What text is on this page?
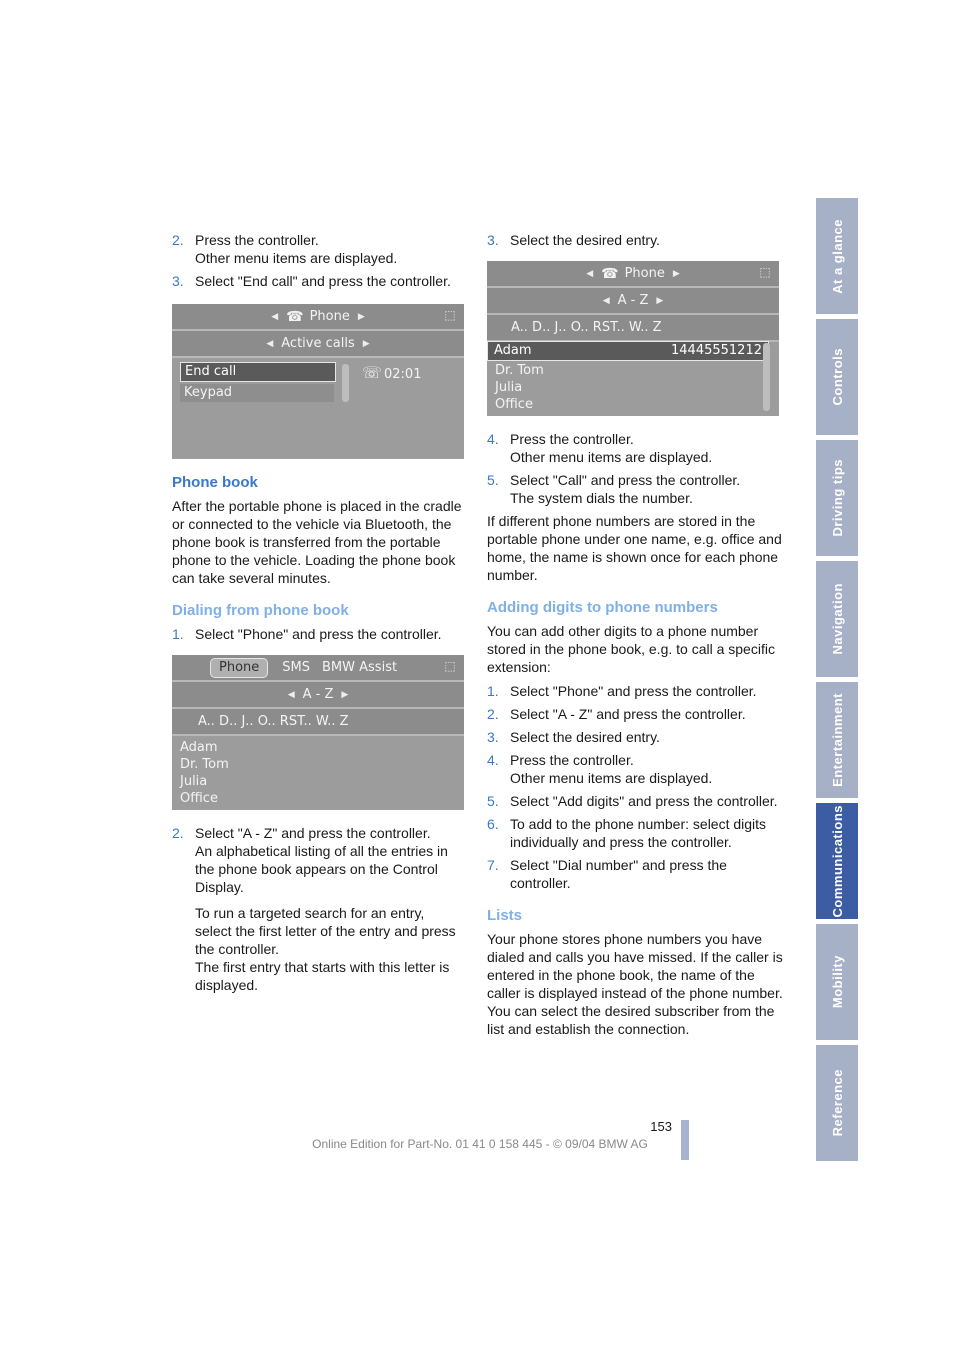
2. Press the controller.
Other menu items are displayed.
3. Select "End call" and press the controller.
◀ ☎ Phone ▶	⬚
◀ Active calls ▶
End call
Keypad
☏ 02:01
Phone book

After the portable phone is placed in the cradle or connected to the vehicle via Bluetooth, the phone book is transferred from the portable phone to the vehicle. Loading the phone book can take several minutes.

Dialing from phone book
1. Select "Phone" and press the controller.
Phone	SMS BMW Assist	⬚
◀ A - Z ▶
A.. D.. J.. O.. RST.. W.. Z
Adam
Dr. Tom
Julia
Office
2. Select "A - Z" and press the controller.
An alphabetical listing of all the entries in the phone book appears on the Control Display.
To run a targeted search for an entry, select the first letter of the entry and press the controller.
The first entry that starts with this letter is displayed.
3. Select the desired entry.
◀ ☎ Phone ▶	⬚
◀ A - Z ▶
A.. D.. J.. O.. RST.. W.. Z
Adam	14445551212
Dr. Tom
Julia
Office
4. Press the controller.
Other menu items are displayed.
5. Select "Call" and press the controller.
The system dials the number.

If different phone numbers are stored in the portable phone under one name, e.g. office and home, the name is shown once for each phone number.

Adding digits to phone numbers

You can add other digits to a phone number stored in the phone book, e.g. to call a specific extension:

1. Select "Phone" and press the controller.
2. Select "A - Z" and press the controller.
3. Select the desired entry.
4. Press the controller.
Other menu items are displayed.
5. Select "Add digits" and press the controller.
6. To add to the phone number: select digits individually and press the controller.
7. Select "Dial number" and press the controller.
Lists

Your phone stores phone numbers you have dialed and calls you have missed. If the caller is entered in the phone book, the name of the caller is displayed instead of the phone number. You can select the desired subscriber from the list and establish the connection.

At a glance
Controls
Driving tips
Navigation
Entertainment
Communications
Mobility
Reference
153
Online Edition for Part-No. 01 41 0 158 445 - © 09/04 BMW AG
